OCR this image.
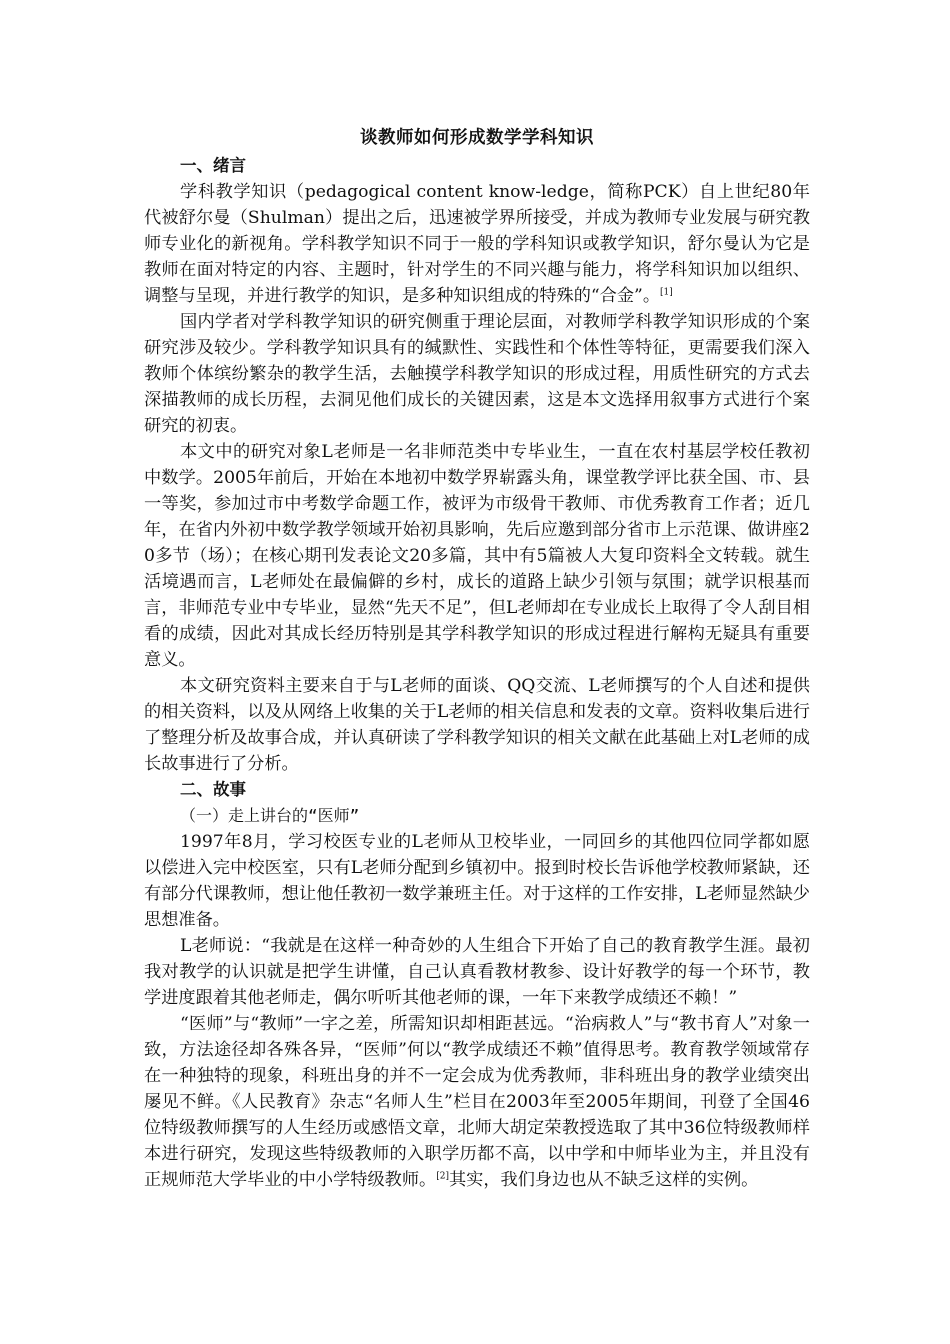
谈教师如何形成数学学科知识
一、绪言

学科教学知识（pedagogical content know-ledge，简称PCK）自上世纪80年代被舒尔曼（Shulman）提出之后，迅速被学界所接受，并成为教师专业发展与研究教师专业化的新视角。学科教学知识不同于一般的学科知识或教学知识，舒尔曼认为它是教师在面对特定的内容、主题时，针对学生的不同兴趣与能力，将学科知识加以组织、调整与呈现，并进行教学的知识，是多种知识组成的特殊的“合金”。[1]

国内学者对学科教学知识的研究侧重于理论层面，对教师学科教学知识形成的个案研究涉及较少。学科教学知识具有的缄默性、实践性和个体性等特征，更需要我们深入教师个体缤纷繁杂的教学生活，去触摸学科教学知识的形成过程，用质性研究的方式去深描教师的成长历程，去洞见他们成长的关键因素，这是本文选择用叙事方式进行个案研究的初衷。

本文中的研究对象L老师是一名非师范类中专毕业生，一直在农村基层学校任教初中数学。2005年前后，开始在本地初中数学界崭露头角，课堂教学评比获全国、市、县一等奖，参加过市中考数学命题工作，被评为市级骨干教师、市优秀教育工作者；近几年，在省内外初中数学教学领域开始初具影响，先后应邀到部分省市上示范课、做讲座20多节（场）；在核心期刊发表论文20多篇，其中有5篇被人大复印资料全文转载。就生活境遇而言，L老师处在最偏僻的乡村，成长的道路上缺少引领与氛围；就学识根基而言，非师范专业中专毕业，显然“先天不足”，但L老师却在专业成长上取得了令人刮目相看的成绩，因此对其成长经历特别是其学科教学知识的形成过程进行解构无疑具有重要意义。

本文研究资料主要来自于与L老师的面谈、QQ交流、L老师撰写的个人自述和提供的相关资料，以及从网络上收集的关于L老师的相关信息和发表的文章。资料收集后进行了整理分析及故事合成，并认真研读了学科教学知识的相关文献在此基础上对L老师的成长故事进行了分析。

二、故事
（一）走上讲台的“医师”

1997年8月，学习校医专业的L老师从卫校毕业，一同回乡的其他四位同学都如愿以偿进入完中校医室，只有L老师分配到乡镇初中。报到时校长告诉他学校教师紧缺，还有部分代课教师，想让他任教初一数学兼班主任。对于这样的工作安排，L老师显然缺少思想准备。

L老师说：“我就是在这样一种奇妙的人生组合下开始了自己的教育教学生涯。最初我对教学的认识就是把学生讲懂，自己认真看教材教参、设计好教学的每一个环节，教学进度跟着其他老师走，偶尔听听其他老师的课，一年下来教学成绩还不赖！”

“医师”与“教师”一字之差，所需知识却相距甚远。“治病救人”与“教书育人”对象一致，方法途径却各殊各异，“医师”何以“教学成绩还不赖”值得思考。教育教学领域常存在一种独特的现象，科班出身的并不一定会成为优秀教师，非科班出身的教学业绩突出屡见不鲜。《人民教育》杂志“名师人生”栏目在2003年至2005年期间，刊登了全国46位特级教师撰写的人生经历或感悟文章，北师大胡定荣教授选取了其中36位特级教师样本进行研究，发现这些特级教师的入职学历都不高，以中学和中师毕业为主，并且没有正规师范大学毕业的中小学特级教师。[2]其实，我们身边也从不缺乏这样的实例。
